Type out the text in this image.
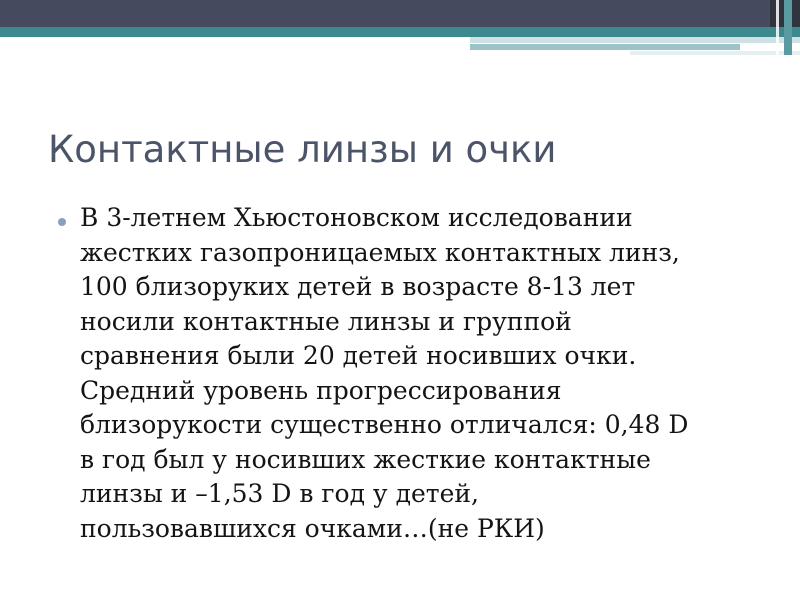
Контактные линзы и очки
В 3-летнем Хьюстоновском исследовании
жестких газопроницаемых контактных линз,
100 близоруких детей в возрасте 8-13 лет
носили контактные линзы и группой
сравнения были 20 детей носивших очки.
Средний уровень прогрессирования
близорукости существенно отличался: 0,48 D
в год был у носивших жесткие контактные
линзы и –1,53 D в год у детей,
пользовавшихся очками…(не РКИ)
